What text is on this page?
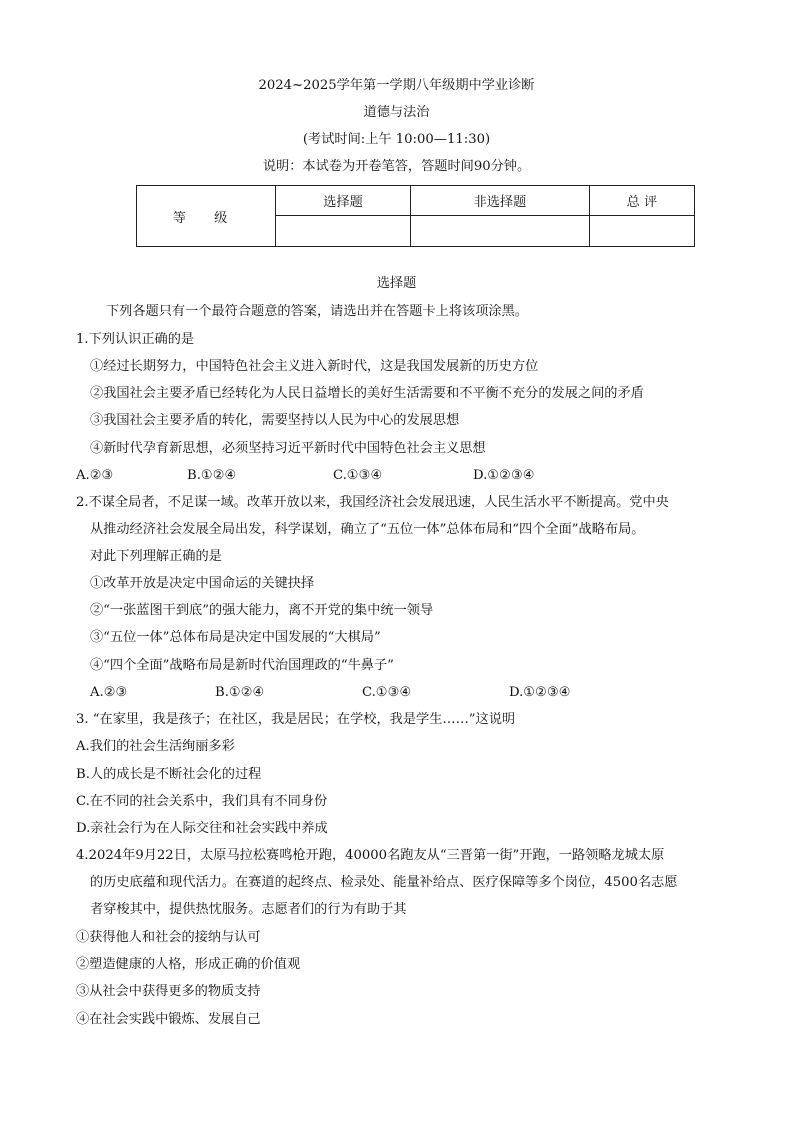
2024~2025学年第一学期八年级期中学业诊断
道德与法治
(考试时间:上午 10:00—11:30)
说明：本试卷为开卷笔答，答题时间90分钟。
等 级	选择题	非选择题	总 评

选择题
下列各题只有一个最符合题意的答案，请选出并在答题卡上将该项涂黑。
1.下列认识正确的是
①经过长期努力，中国特色社会主义进入新时代，这是我国发展新的历史方位
②我国社会主要矛盾已经转化为人民日益增长的美好生活需要和不平衡不充分的发展之间的矛盾
③我国社会主要矛盾的转化，需要坚持以人民为中心的发展思想
④新时代孕育新思想，必须坚持习近平新时代中国特色社会主义思想
A.②③	B.①②④	C.①③④	D.①②③④
2.不谋全局者，不足谋一域。改革开放以来，我国经济社会发展迅速，人民生活水平不断提高。党中央
从推动经济社会发展全局出发，科学谋划，确立了“五位一体”总体布局和“四个全面”战略布局。
对此下列理解正确的是
①改革开放是决定中国命运的关键抉择
②“一张蓝图干到底”的强大能力，离不开党的集中统一领导
③“五位一体”总体布局是决定中国发展的“大棋局”
④“四个全面”战略布局是新时代治国理政的“牛鼻子”
A.②③	B.①②④	C.①③④	D.①②③④
3. “在家里，我是孩子；在社区，我是居民；在学校，我是学生……”这说明
A.我们的社会生活绚丽多彩
B.人的成长是不断社会化的过程
C.在不同的社会关系中，我们具有不同身份
D.亲社会行为在人际交往和社会实践中养成
4.2024年9月22日，太原马拉松赛鸣枪开跑，40000名跑友从“三晋第一街”开跑，一路领略龙城太原
的历史底蕴和现代活力。在赛道的起终点、检录处、能量补给点、医疗保障等多个岗位，4500名志愿
者穿梭其中，提供热忱服务。志愿者们的行为有助于其
①获得他人和社会的接纳与认可
②塑造健康的人格，形成正确的价值观
③从社会中获得更多的物质支持
④在社会实践中锻炼、发展自己
